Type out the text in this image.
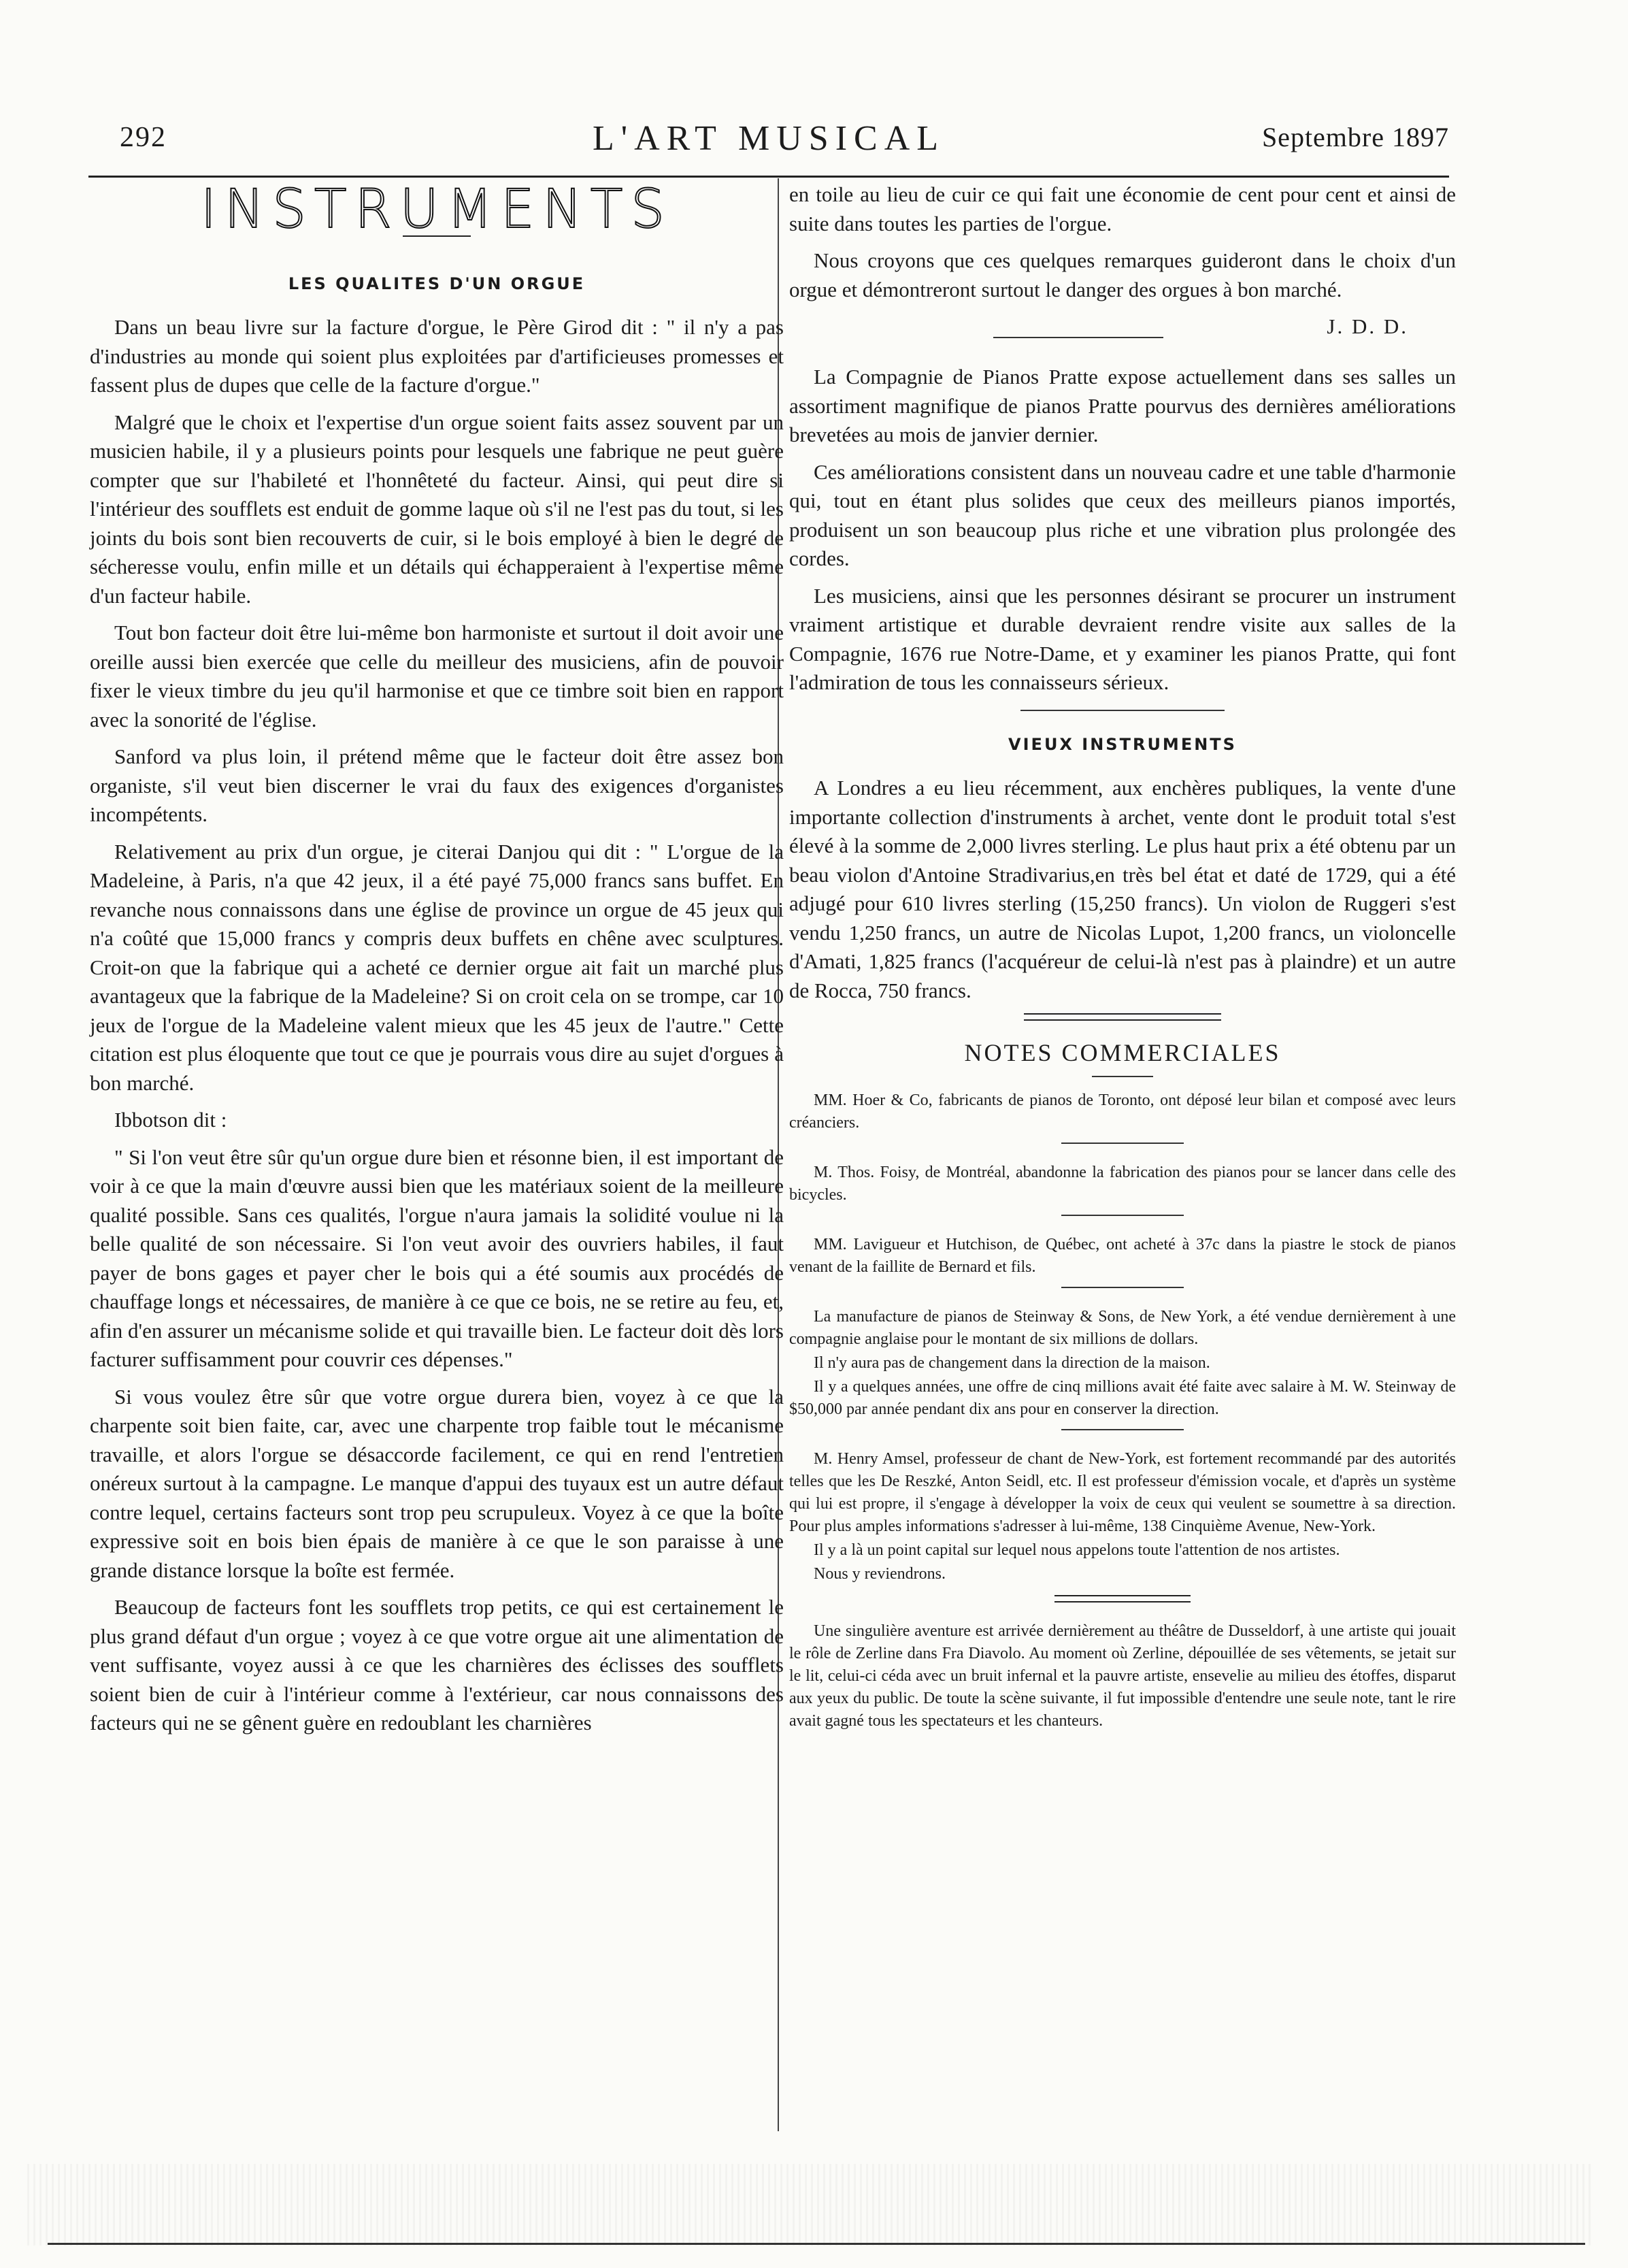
292	L'ART MUSICAL	Septembre 1897
INSTRUMENTS
LES QUALITES D'UN ORGUE

Dans un beau livre sur la facture d'orgue, le Père Girod dit : " il n'y a pas d'industries au monde qui soient plus exploitées par d'artificieuses promesses et fassent plus de dupes que celle de la facture d'orgue."

Malgré que le choix et l'expertise d'un orgue soient faits assez souvent par un musicien habile, il y a plusieurs points pour lesquels une fabrique ne peut guère compter que sur l'habileté et l'honnêteté du facteur. Ainsi, qui peut dire si l'intérieur des soufflets est enduit de gomme laque où s'il ne l'est pas du tout, si les joints du bois sont bien recouverts de cuir, si le bois employé à bien le degré de sécheresse voulu, enfin mille et un détails qui échapperaient à l'expertise même d'un facteur habile.

Tout bon facteur doit être lui-même bon harmoniste et surtout il doit avoir une oreille aussi bien exercée que celle du meilleur des musiciens, afin de pouvoir fixer le vieux timbre du jeu qu'il harmonise et que ce timbre soit bien en rapport avec la sonorité de l'église.

Sanford va plus loin, il prétend même que le facteur doit être assez bon organiste, s'il veut bien discerner le vrai du faux des exigences d'organistes incompétents.

Relativement au prix d'un orgue, je citerai Danjou qui dit : " L'orgue de la Madeleine, à Paris, n'a que 42 jeux, il a été payé 75,000 francs sans buffet. En revanche nous connaissons dans une église de province un orgue de 45 jeux qui n'a coûté que 15,000 francs y compris deux buffets en chêne avec sculptures. Croit-on que la fabrique qui a acheté ce dernier orgue ait fait un marché plus avantageux que la fabrique de la Madeleine? Si on croit cela on se trompe, car 10 jeux de l'orgue de la Madeleine valent mieux que les 45 jeux de l'autre." Cette citation est plus éloquente que tout ce que je pourrais vous dire au sujet d'orgues à bon marché.

Ibbotson dit :

" Si l'on veut être sûr qu'un orgue dure bien et résonne bien, il est important de voir à ce que la main d'œuvre aussi bien que les matériaux soient de la meilleure qualité possible. Sans ces qualités, l'orgue n'aura jamais la solidité voulue ni la belle qualité de son nécessaire. Si l'on veut avoir des ouvriers habiles, il faut payer de bons gages et payer cher le bois qui a été soumis aux procédés de chauffage longs et nécessaires, de manière à ce que ce bois, ne se retire au feu, et, afin d'en assurer un mécanisme solide et qui travaille bien. Le facteur doit dès lors facturer suffisamment pour couvrir ces dépenses."

Si vous voulez être sûr que votre orgue durera bien, voyez à ce que la charpente soit bien faite, car, avec une charpente trop faible tout le mécanisme travaille, et alors l'orgue se désaccorde facilement, ce qui en rend l'entretien onéreux surtout à la campagne. Le manque d'appui des tuyaux est un autre défaut contre lequel, certains facteurs sont trop peu scrupuleux. Voyez à ce que la boîte expressive soit en bois bien épais de manière à ce que le son paraisse à une grande distance lorsque la boîte est fermée.

Beaucoup de facteurs font les soufflets trop petits, ce qui est certainement le plus grand défaut d'un orgue ; voyez à ce que votre orgue ait une alimentation de vent suffisante, voyez aussi à ce que les charnières des éclisses des soufflets soient bien de cuir à l'intérieur comme à l'extérieur, car nous connaissons des facteurs qui ne se gênent guère en redoublant les charnières

en toile au lieu de cuir ce qui fait une économie de cent pour cent et ainsi de suite dans toutes les parties de l'orgue.

Nous croyons que ces quelques remarques guideront dans le choix d'un orgue et démontreront surtout le danger des orgues à bon marché.

J. D. D.

La Compagnie de Pianos Pratte expose actuellement dans ses salles un assortiment magnifique de pianos Pratte pourvus des dernières améliorations brevetées au mois de janvier dernier.

Ces améliorations consistent dans un nouveau cadre et une table d'harmonie qui, tout en étant plus solides que ceux des meilleurs pianos importés, produisent un son beaucoup plus riche et une vibration plus prolongée des cordes.

Les musiciens, ainsi que les personnes désirant se procurer un instrument vraiment artistique et durable devraient rendre visite aux salles de la Compagnie, 1676 rue Notre-Dame, et y examiner les pianos Pratte, qui font l'admiration de tous les connaisseurs sérieux.

VIEUX INSTRUMENTS

A Londres a eu lieu récemment, aux enchères publiques, la vente d'une importante collection d'instruments à archet, vente dont le produit total s'est élevé à la somme de 2,000 livres sterling. Le plus haut prix a été obtenu par un beau violon d'Antoine Stradivarius,en très bel état et daté de 1729, qui a été adjugé pour 610 livres sterling (15,250 francs). Un violon de Ruggeri s'est vendu 1,250 francs, un autre de Nicolas Lupot, 1,200 francs, un violoncelle d'Amati, 1,825 francs (l'acquéreur de celui-là n'est pas à plaindre) et un autre de Rocca, 750 francs.

NOTES COMMERCIALES

MM. Hoer & Co, fabricants de pianos de Toronto, ont déposé leur bilan et composé avec leurs créanciers.

M. Thos. Foisy, de Montréal, abandonne la fabrication des pianos pour se lancer dans celle des bicycles.

MM. Lavigueur et Hutchison, de Québec, ont acheté à 37c dans la piastre le stock de pianos venant de la faillite de Bernard et fils.

La manufacture de pianos de Steinway & Sons, de New York, a été vendue dernièrement à une compagnie anglaise pour le montant de six millions de dollars.

Il n'y aura pas de changement dans la direction de la maison.

Il y a quelques années, une offre de cinq millions avait été faite avec salaire à M. W. Steinway de $50,000 par année pendant dix ans pour en conserver la direction.

M. Henry Amsel, professeur de chant de New-York, est fortement recommandé par des autorités telles que les De Reszké, Anton Seidl, etc. Il est professeur d'émission vocale, et d'après un système qui lui est propre, il s'engage à développer la voix de ceux qui veulent se soumettre à sa direction. Pour plus amples informations s'adresser à lui-même, 138 Cinquième Avenue, New-York.

Il y a là un point capital sur lequel nous appelons toute l'attention de nos artistes.

Nous y reviendrons.

Une singulière aventure est arrivée dernièrement au théâtre de Dusseldorf, à une artiste qui jouait le rôle de Zerline dans Fra Diavolo. Au moment où Zerline, dépouillée de ses vêtements, se jetait sur le lit, celui-ci céda avec un bruit infernal et la pauvre artiste, ensevelie au milieu des étoffes, disparut aux yeux du public. De toute la scène suivante, il fut impossible d'entendre une seule note, tant le rire avait gagné tous les spectateurs et les chanteurs.
